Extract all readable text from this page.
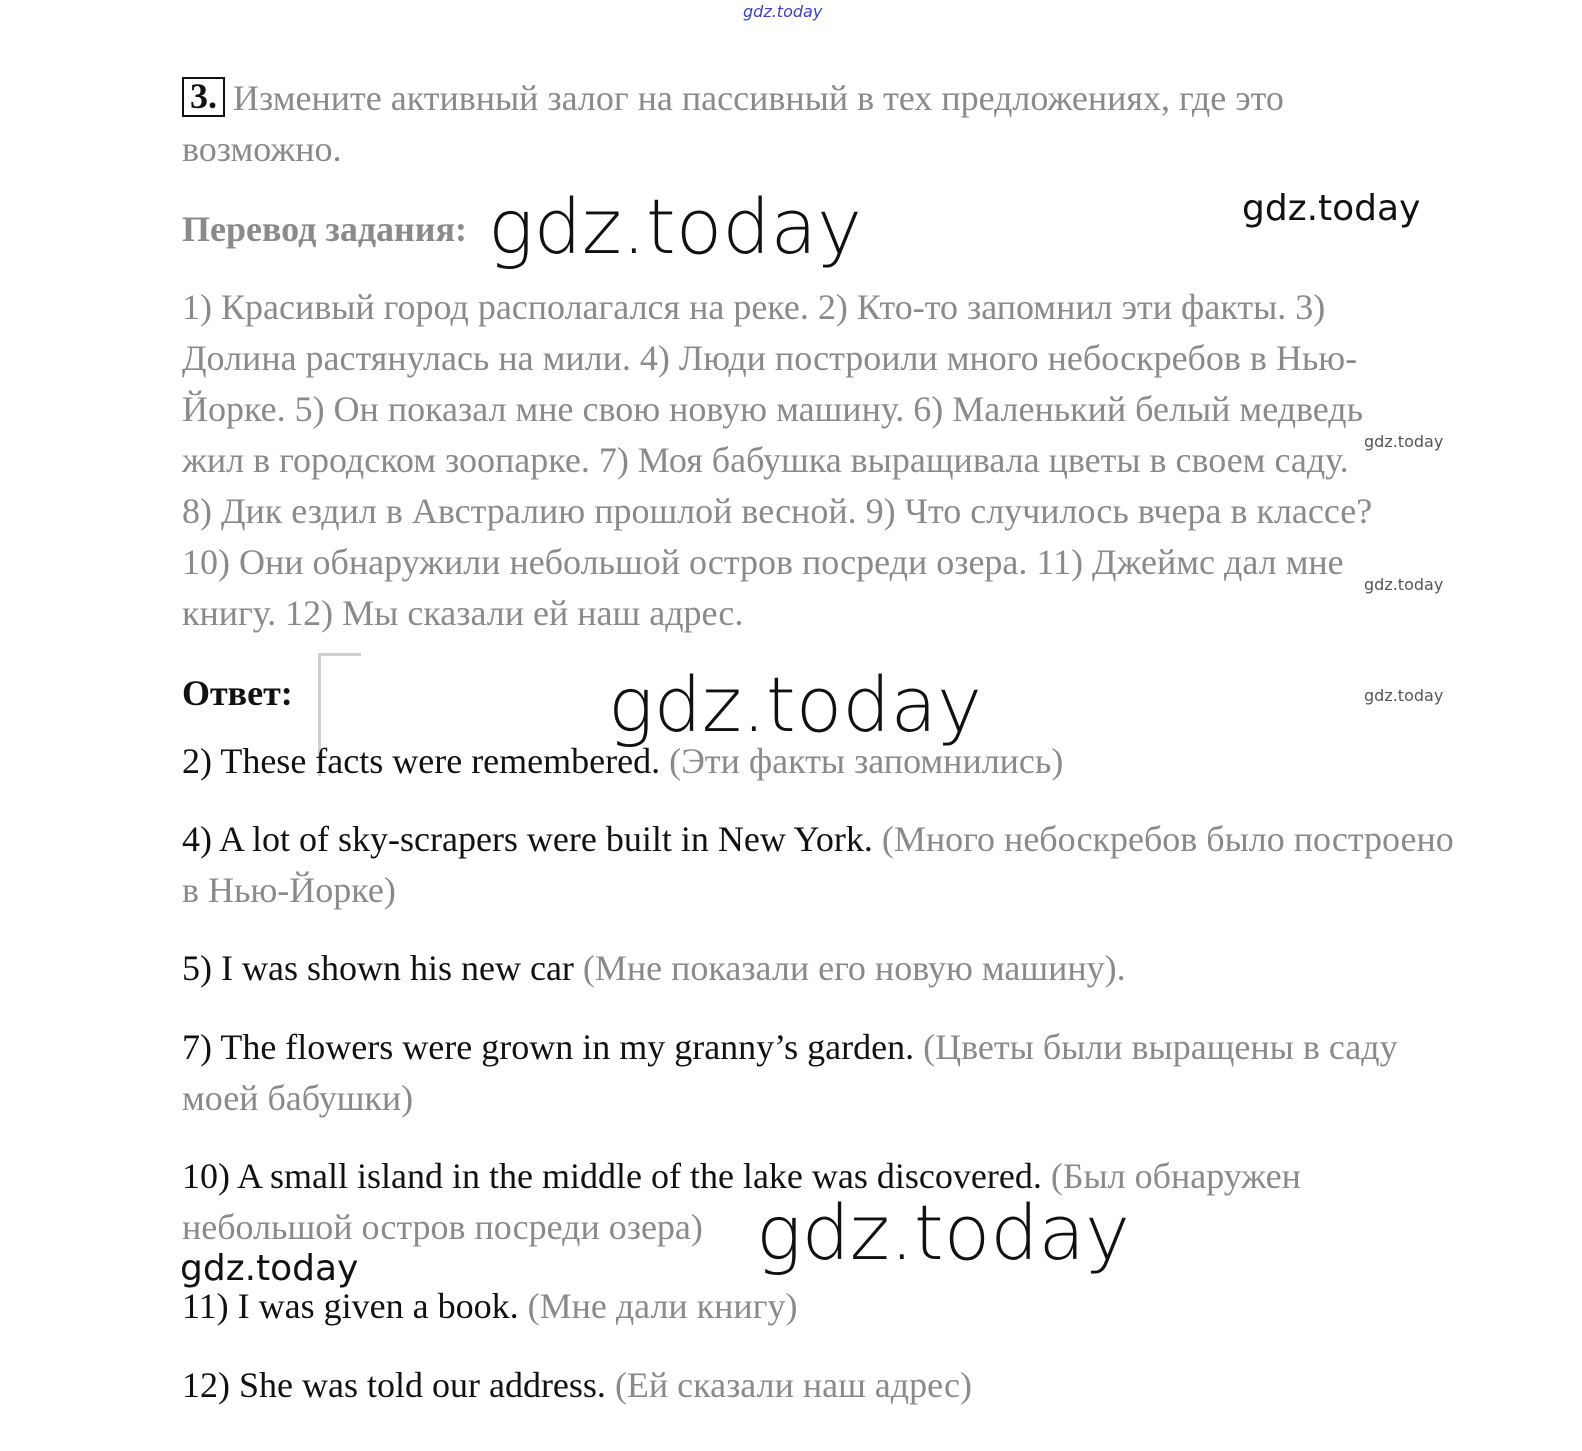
gdz.today
3. Измените активный залог на пассивный в тех предложениях, где это
возможно.
Перевод задания: gdz.today	gdz.today
1) Красивый город располагался на реке. 2) Кто-то запомнил эти факты. 3)
Долина растянулась на мили. 4) Люди построили много небоскребов в Нью-
Йорке. 5) Он показал мне свою новую машину. 6) Маленький белый медведь
жил в городском зоопарке. 7) Моя бабушка выращивала цветы в своем саду.
8) Дик ездил в Австралию прошлой весной. 9) Что случилось вчера в классе?
10) Они обнаружили небольшой остров посреди озера. 11) Джеймс дал мне
книгу. 12) Мы сказали ей наш адрес.
gdz.today
gdz.today
Ответ:	gdz.today	gdz.today

2) These facts were remembered. (Эти факты запомнились)

4) A lot of sky-scrapers were built in New York. (Много небоскребов было построено в Нью-Йорке)

5) I was shown his new car (Мне показали его новую машину).

7) The flowers were grown in my granny’s garden. (Цветы были выращены в саду моей бабушки)

10) A small island in the middle of the lake was discovered. (Был обнаружен небольшой остров посреди озера) gdz.today
gdz.today

11) I was given a book. (Мне дали книгу)

12) She was told our address. (Ей сказали наш адрес)
